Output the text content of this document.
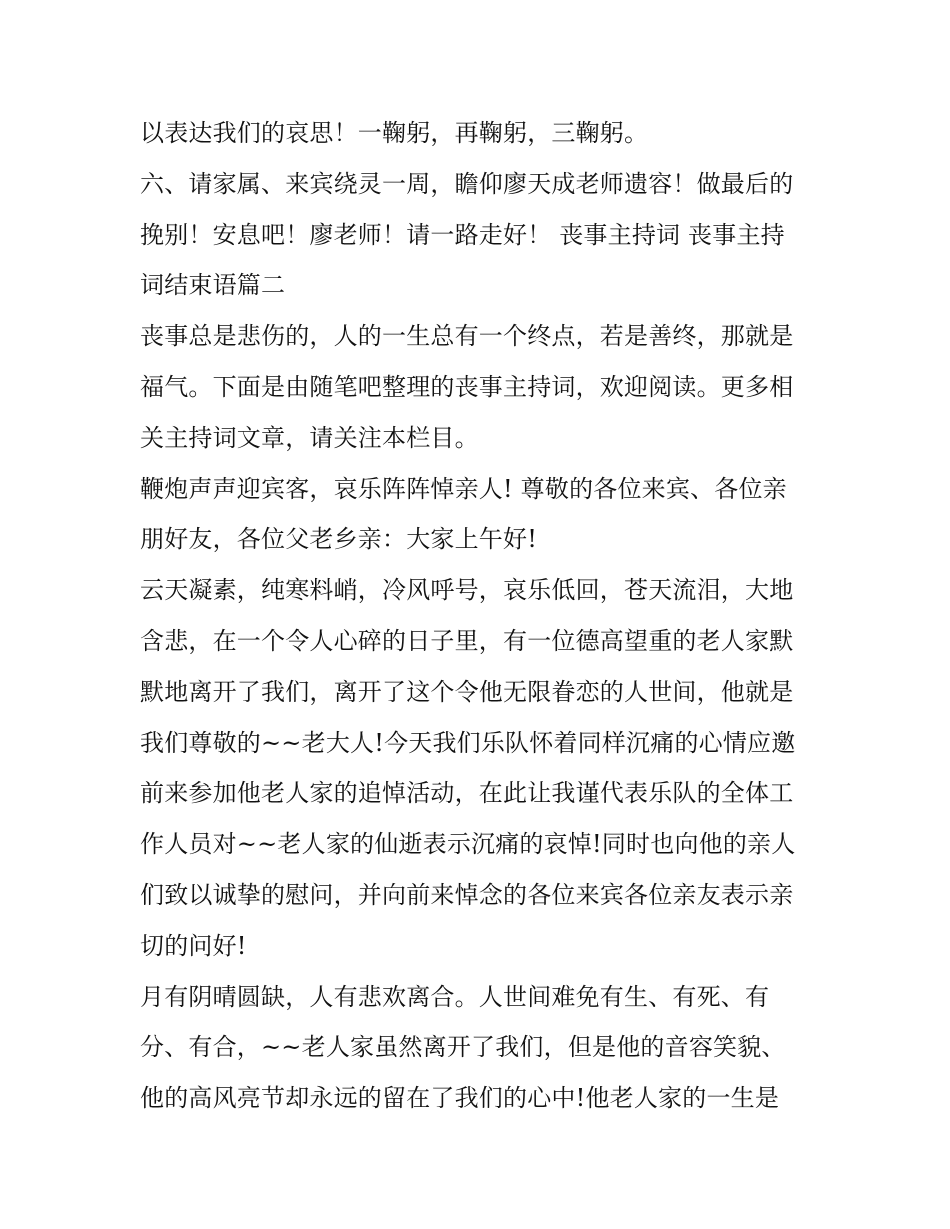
以表达我们的哀思！一鞠躬，再鞠躬，三鞠躬。
六、请家属、来宾绕灵一周，瞻仰廖天成老师遗容！做最后的
挽别！安息吧！廖老师！请一路走好！ 丧事主持词 丧事主持
词结束语篇二
丧事总是悲伤的，人的一生总有一个终点，若是善终，那就是
福气。下面是由随笔吧整理的丧事主持词，欢迎阅读。更多相
关主持词文章，请关注本栏目。
鞭炮声声迎宾客，哀乐阵阵悼亲人! 尊敬的各位来宾、各位亲
朋好友，各位父老乡亲：大家上午好!
云天凝素，纯寒料峭，冷风呼号，哀乐低回，苍天流泪，大地
含悲，在一个令人心碎的日子里，有一位德高望重的老人家默
默地离开了我们，离开了这个令他无限眷恋的人世间，他就是
我们尊敬的~~老大人!今天我们乐队怀着同样沉痛的心情应邀
前来参加他老人家的追悼活动，在此让我谨代表乐队的全体工
作人员对~~老人家的仙逝表示沉痛的哀悼!同时也向他的亲人
们致以诚挚的慰问，并向前来悼念的各位来宾各位亲友表示亲
切的问好!
月有阴晴圆缺，人有悲欢离合。人世间难免有生、有死、有
分、有合，~~老人家虽然离开了我们，但是他的音容笑貌、
他的高风亮节却永远的留在了我们的心中!他老人家的一生是
